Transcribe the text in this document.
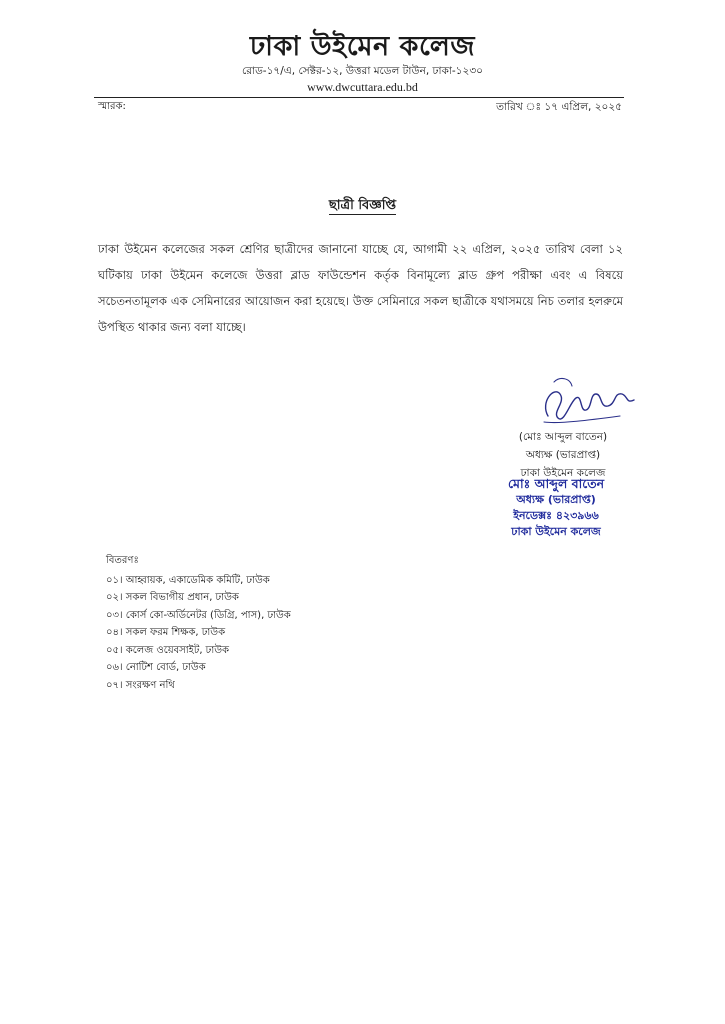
ঢাকা উইমেন কলেজ
রোড-১৭/এ, সেক্টর-১২, উত্তরা মডেল টাউন, ঢাকা-১২৩০
www.dwcuttara.edu.bd
স্মারক:	তারিখ ঃ ১৭ এপ্রিল, ২০২৫
ছাত্রী বিজ্ঞপ্তি
ঢাকা উইমেন কলেজের সকল শ্রেণির ছাত্রীদের জানানো যাচ্ছে যে, আগামী ২২ এপ্রিল, ২০২৫ তারিখ বেলা ১২ ঘটিকায় ঢাকা উইমেন কলেজে উত্তরা ব্লাড ফাউন্ডেশন কর্তৃক বিনামূল্যে ব্লাড গ্রুপ পরীক্ষা এবং এ বিষয়ে সচেতনতামূলক এক সেমিনারের আয়োজন করা হয়েছে। উক্ত সেমিনারে সকল ছাত্রীকে যথাসময়ে নিচ তলার হলরুমে উপস্থিত থাকার জন্য বলা যাচ্ছে।
(মোঃ আব্দুল বাতেন)
অধ্যক্ষ (ভারপ্রাপ্ত)
ঢাকা উইমেন কলেজ
মোঃ আব্দুল বাতেন
অধ্যক্ষ (ভারপ্রাপ্ত)
ইনডেক্সঃ ৪২৩৯৬৬
ঢাকা উইমেন কলেজ
বিতরণঃ
০১। আহ্বায়ক, একাডেমিক কমিটি, ঢাউক
০২। সকল বিভাগীয় প্রধান, ঢাউক
০৩। কোর্স কো-অর্ডিনেটর (ডিগ্রি, পাস), ঢাউক
০৪। সকল ফরম শিক্ষক, ঢাউক
০৫। কলেজ ওয়েবসাইট, ঢাউক
০৬। নোটিশ বোর্ড, ঢাউক
০৭। সংরক্ষণ নথি
